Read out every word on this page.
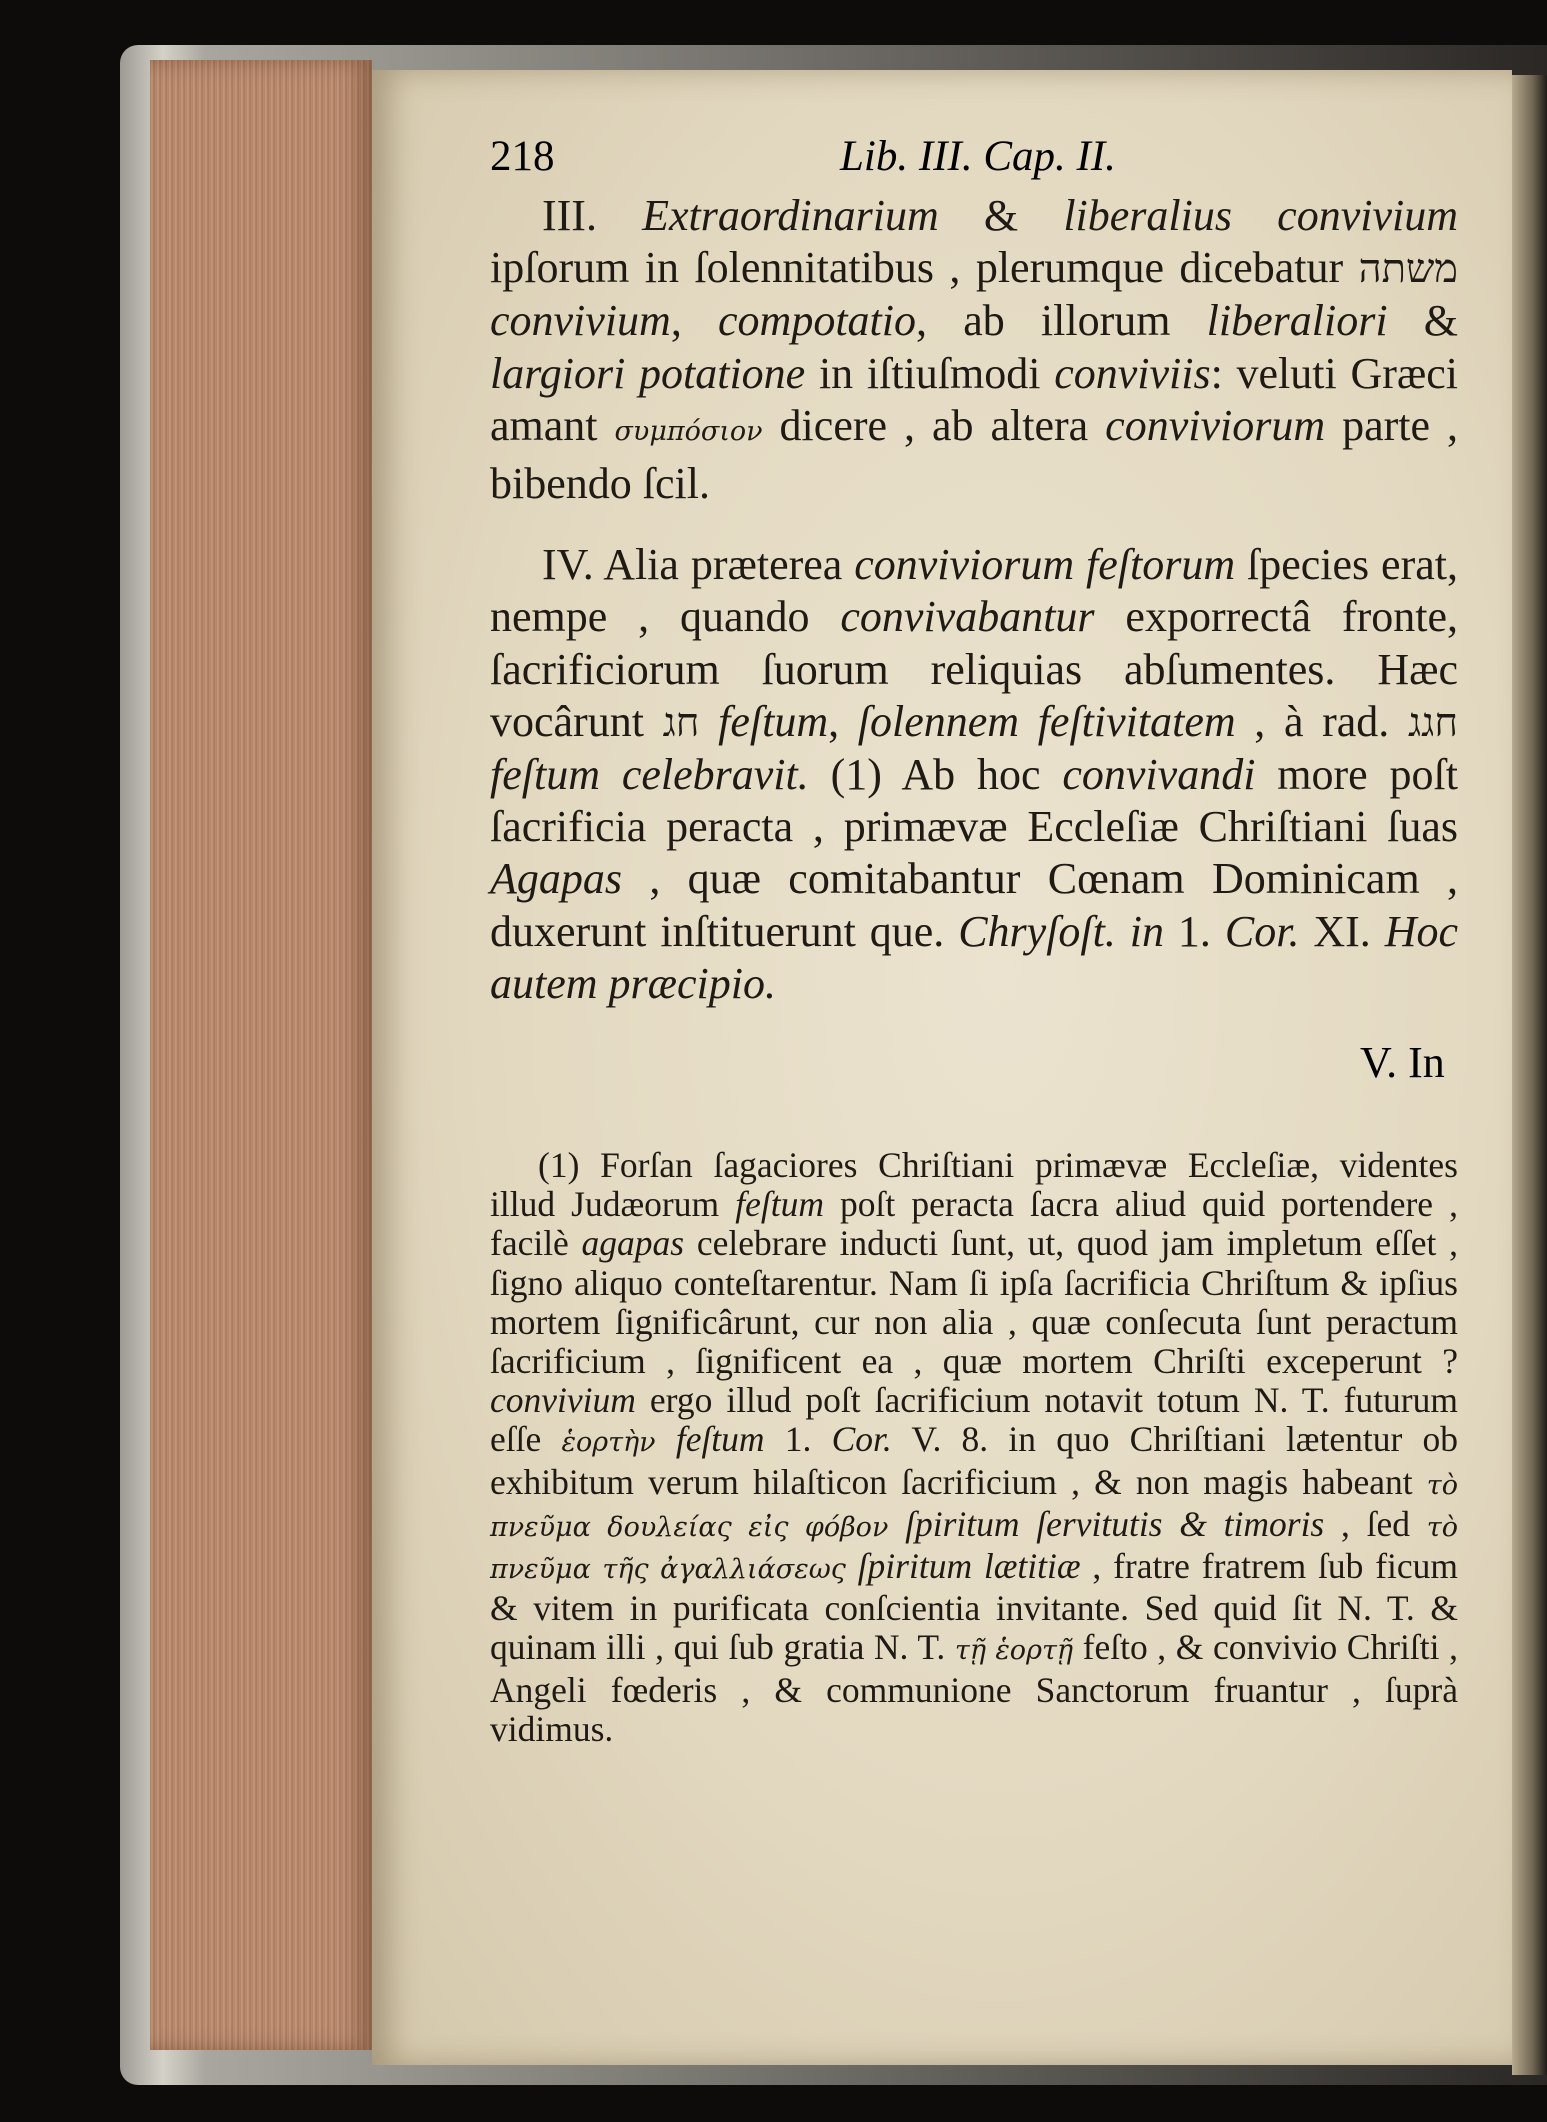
218	Lib. III. Cap. II.

III. Extraordinarium & liberalius convivium ipſorum in ſolennitatibus , plerumque dicebatur משתה convivium, compotatio, ab illorum liberaliori & largiori potatione in iſtiuſmodi conviviis: veluti Græci amant συμπόσιον dicere , ab altera conviviorum parte , bibendo ſcil.

IV. Alia præterea conviviorum feſtorum ſpecies erat, nempe , quando convivabantur exporrectâ fronte, ſacrificiorum ſuorum reliquias abſumentes. Hæc vocârunt חג feſtum, ſolennem feſtivitatem , à rad. חגג feſtum celebravit. (1) Ab hoc convivandi more poſt ſacrificia peracta , primævæ Eccleſiæ Chriſtiani ſuas Agapas , quæ comitabantur Cœnam Dominicam , duxerunt inſtituerunt que. Chryſoſt. in 1. Cor. XI. Hoc autem præcipio.

V. In

(1) Forſan ſagaciores Chriſtiani primævæ Eccleſiæ, videntes illud Judæorum feſtum poſt peracta ſacra aliud quid portendere , facilè agapas celebrare inducti ſunt, ut, quod jam impletum eſſet , ſigno aliquo conteſtarentur. Nam ſi ipſa ſacrificia Chriſtum & ipſius mortem ſignificârunt, cur non alia , quæ conſecuta ſunt peractum ſacrificium , ſignificent ea , quæ mortem Chriſti exceperunt ? convivium ergo illud poſt ſacrificium notavit totum N. T. futurum eſſe ἑορτὴν feſtum 1. Cor. V. 8. in quo Chriſtiani lætentur ob exhibitum verum hilaſticon ſacrificium , & non magis habeant τὸ πνεῦμα δουλείας εἰς φόβον ſpiritum ſervitutis & timoris , ſed τὸ πνεῦμα τῆς ἀγαλλιάσεως ſpiritum lætitiæ , fratre fratrem ſub ficum & vitem in purificata conſcientia invitante. Sed quid ſit N. T. & quinam illi , qui ſub gratia N. T. τῇ ἑορτῇ feſto , & convivio Chriſti , Angeli fœderis , & communione Sanctorum fruantur , ſuprà vidimus.
